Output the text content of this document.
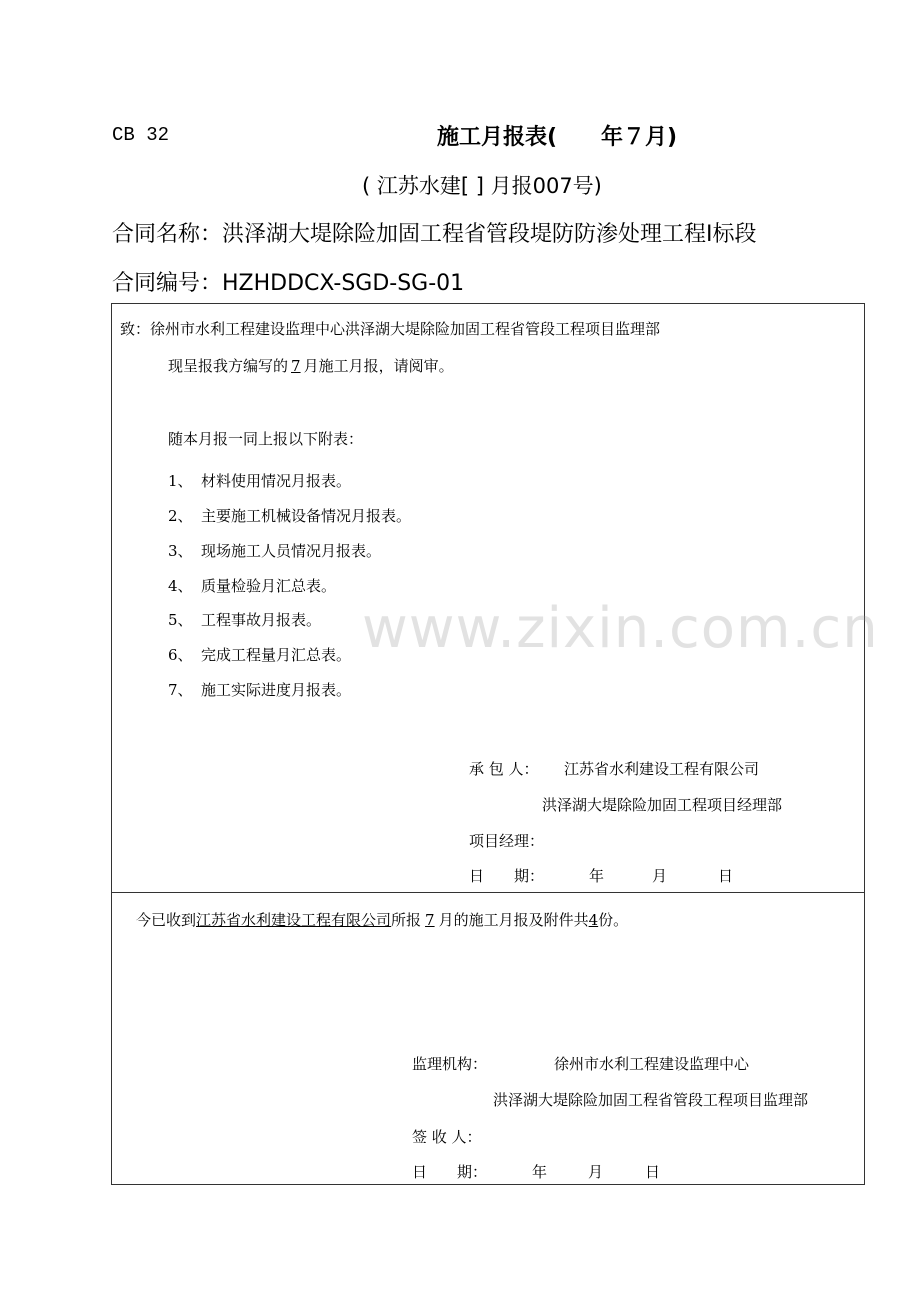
CB 32	施工月报表(　　年７月)
( 江苏水建[ ] 月报007号)
合同名称：洪泽湖大堤除险加固工程省管段堤防防渗处理工程Ⅰ标段
合同编号：HZHDDCX-SGD-SG-01
致：徐州市水利工程建设监理中心洪泽湖大堤除险加固工程省管段工程项目监理部
现呈报我方编写的 7 月施工月报，请阅审。
随本月报一同上报以下附表：
1、 材料使用情况月报表。
2、 主要施工机械设备情况月报表。
3、 现场施工人员情况月报表。
4、 质量检验月汇总表。
5、 工程事故月报表。
6、 完成工程量月汇总表。
7、 施工实际进度月报表。
承 包 人： 江苏省水利建设工程有限公司
洪泽湖大堤除险加固工程项目经理部
项目经理：
日　　期：	年	月	日
今已收到江苏省水利建设工程有限公司所报 7 月的施工月报及附件共4份。
监理机构：	徐州市水利工程建设监理中心
洪泽湖大堤除险加固工程省管段工程项目监理部
签 收 人：
日　　期：	年	月	日
www.zixin.com.cn
